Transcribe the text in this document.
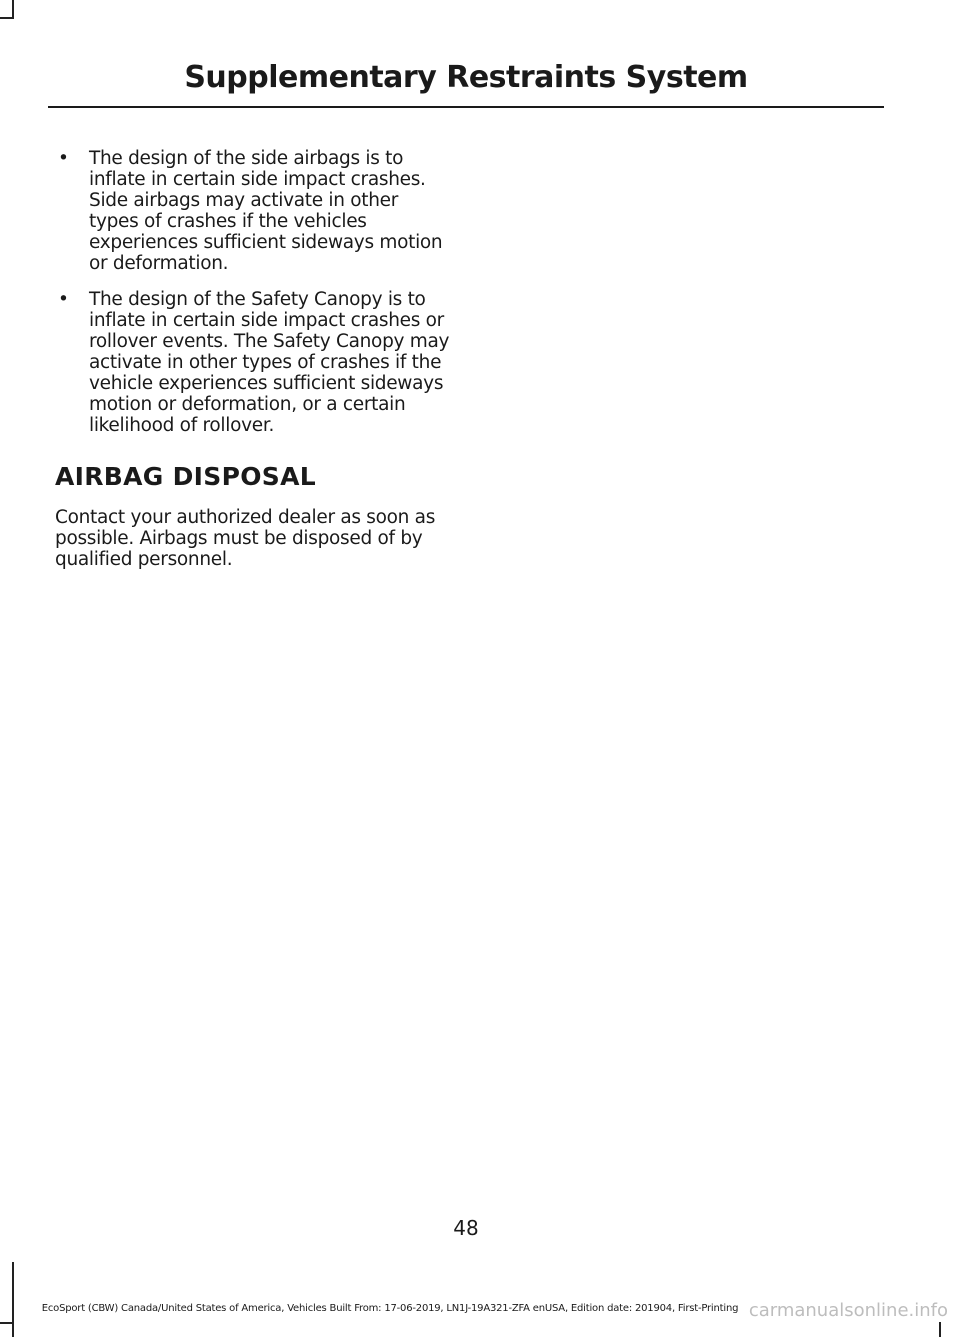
Supplementary Restraints System
• The design of the side airbags is to inflate in certain side impact crashes. Side airbags may activate in other types of crashes if the vehicles experiences sufficient sideways motion or deformation.
• The design of the Safety Canopy is to inflate in certain side impact crashes or rollover events. The Safety Canopy may activate in other types of crashes if the vehicle experiences sufficient sideways motion or deformation, or a certain likelihood of rollover.
AIRBAG DISPOSAL

Contact your authorized dealer as soon as possible. Airbags must be disposed of by qualified personnel.

48
EcoSport (CBW) Canada/United States of America, Vehicles Built From: 17-06-2019, LN1J-19A321-ZFA enUSA, Edition date: 201904, First-Printing carmanualsonline.info
